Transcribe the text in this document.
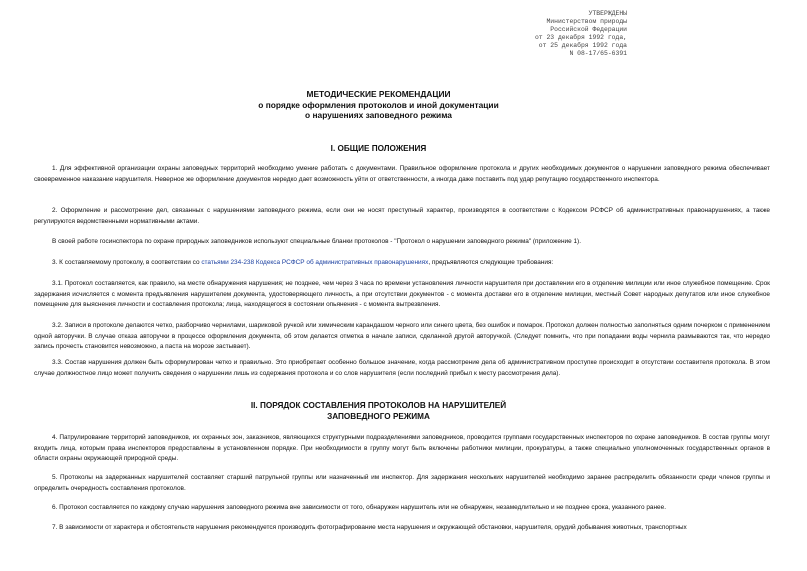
УТВЕРЖДЕНЫ
Министерством природы
Российской Федерации
от 23 декабря 1992 года,
от 25 декабря 1992 года
N 08-17/65-6391
МЕТОДИЧЕСКИЕ РЕКОМЕНДАЦИИ
о порядке оформления протоколов и иной документации
о нарушениях заповедного режима
I. ОБЩИЕ ПОЛОЖЕНИЯ

1. Для эффективной организации охраны заповедных территорий необходимо умение работать с документами. Правильное оформление протокола и других необходимых документов о нарушении заповедного режима обеспечивает своевременное наказание нарушителя. Неверное же оформление документов нередко дает возможность уйти от ответственности, а иногда даже поставить под удар репутацию государственного инспектора.

2. Оформление и рассмотрение дел, связанных с нарушениями заповедного режима, если они не носят преступный характер, производятся в соответствии с Кодексом РСФСР об административных правонарушениях, а также регулируются ведомственными нормативными актами.

В своей работе госинспектора по охране природных заповедников используют специальные бланки протоколов - "Протокол о нарушении заповедного режима" (приложение 1).

3. К составляемому протоколу, в соответствии со статьями 234-238 Кодекса РСФСР об административных правонарушениях, предъявляются следующие требования:

3.1. Протокол составляется, как правило, на месте обнаружения нарушения; не позднее, чем через 3 часа по времени установления личности нарушителя при доставлении его в отделение милиции или иное служебное помещение. Срок задержания исчисляется с момента предъявления нарушителем документа, удостоверяющего личность, а при отсутствии документов - с момента доставки его в отделение милиции, местный Совет народных депутатов или иное служебное помещение для выяснения личности и составления протокола; лица, находящегося в состоянии опьянения - с момента вытрезвления.

3.2. Записи в протоколе делаются четко, разборчиво чернилами, шариковой ручкой или химическим карандашом черного или синего цвета, без ошибок и помарок. Протокол должен полностью заполняться одним почерком с применением одной авторучки. В случае отказа авторучки в процессе оформления документа, об этом делается отметка в начале записи, сделанной другой авторучкой. (Следует помнить, что при попадании воды чернила размываются так, что нередко запись прочесть становится невозможно, а паста на морозе застывает).

3.3. Состав нарушения должен быть сформулирован четко и правильно. Это приобретает особенно большое значение, когда рассмотрение дела об административном проступке происходит в отсутствии составителя протокола. В этом случае должностное лицо может получить сведения о нарушении лишь из содержания протокола и со слов нарушителя (если последний прибыл к месту рассмотрения дела).

II. ПОРЯДОК СОСТАВЛЕНИЯ ПРОТОКОЛОВ НА НАРУШИТЕЛЕЙ
ЗАПОВЕДНОГО РЕЖИМА

4. Патрулирование территорий заповедников, их охранных зон, заказников, являющихся структурными подразделениями заповедников, проводится группами государственных инспекторов по охране заповедников. В состав группы могут входить лица, которым права инспекторов предоставлены в установленном порядке. При необходимости в группу могут быть включены работники милиции, прокуратуры, а также специально уполномоченных государственных органов в области охраны окружающей природной среды.

5. Протоколы на задержанных нарушителей составляет старший патрульной группы или назначенный им инспектор. Для задержания нескольких нарушителей необходимо заранее распределить обязанности среди членов группы и определить очередность составления протоколов.

6. Протокол составляется по каждому случаю нарушения заповедного режима вне зависимости от того, обнаружен нарушитель или не обнаружен, незамедлительно и не позднее срока, указанного ранее.

7. В зависимости от характера и обстоятельств нарушения рекомендуется производить фотографирование места нарушения и окружающей обстановки, нарушителя, орудий добывания животных, транспортных
